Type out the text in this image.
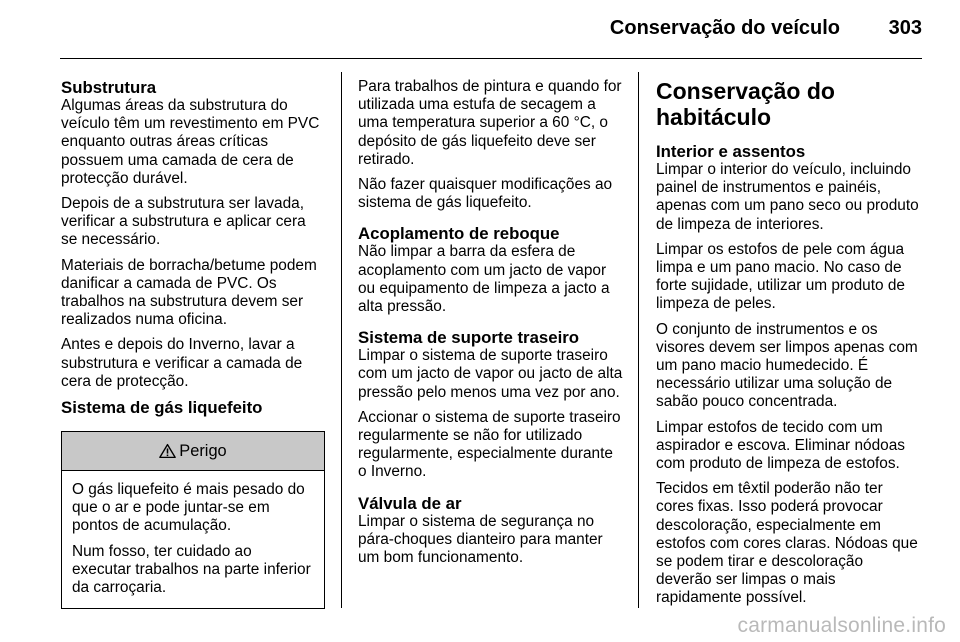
Conservação do veículo 303
Substrutura

Algumas áreas da substrutura do veículo têm um revestimento em PVC enquanto outras áreas críticas possuem uma camada de cera de protecção durável.

Depois de a substrutura ser lavada, verificar a substrutura e aplicar cera se necessário.

Materiais de borracha/betume podem danificar a camada de PVC. Os trabalhos na substrutura devem ser realizados numa oficina.

Antes e depois do Inverno, lavar a substrutura e verificar a camada de cera de protecção.

Sistema de gás liquefeito
Perigo

O gás liquefeito é mais pesado do que o ar e pode juntar-se em pontos de acumulação.

Num fosso, ter cuidado ao executar trabalhos na parte inferior da carroçaria.

Para trabalhos de pintura e quando for utilizada uma estufa de secagem a uma temperatura superior a 60 °C, o depósito de gás liquefeito deve ser retirado.

Não fazer quaisquer modificações ao sistema de gás liquefeito.

Acoplamento de reboque

Não limpar a barra da esfera de acoplamento com um jacto de vapor ou equipamento de limpeza a jacto a alta pressão.

Sistema de suporte traseiro

Limpar o sistema de suporte traseiro com um jacto de vapor ou jacto de alta pressão pelo menos uma vez por ano.

Accionar o sistema de suporte traseiro regularmente se não for utilizado regularmente, especialmente durante o Inverno.

Válvula de ar

Limpar o sistema de segurança no pára-choques dianteiro para manter um bom funcionamento.

Conservação do habitáculo
Interior e assentos

Limpar o interior do veículo, incluindo painel de instrumentos e painéis, apenas com um pano seco ou produto de limpeza de interiores.

Limpar os estofos de pele com água limpa e um pano macio. No caso de forte sujidade, utilizar um produto de limpeza de peles.

O conjunto de instrumentos e os visores devem ser limpos apenas com um pano macio humedecido. É necessário utilizar uma solução de sabão pouco concentrada.

Limpar estofos de tecido com um aspirador e escova. Eliminar nódoas com produto de limpeza de estofos.

Tecidos em têxtil poderão não ter cores fixas. Isso poderá provocar descoloração, especialmente em estofos com cores claras. Nódoas que se podem tirar e descoloração deverão ser limpas o mais rapidamente possível.

carmanualsonline.info
